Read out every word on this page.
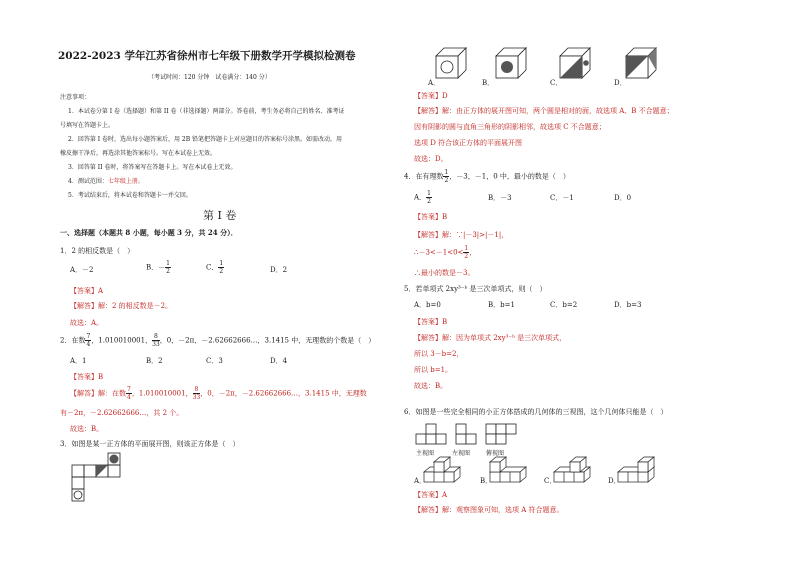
2022-2023 学年江苏省徐州市七年级下册数学开学模拟检测卷
（考试时间：120 分钟　试卷满分：140 分）
注意事项：
1．本试卷分第 I 卷（选择题）和第 II 卷（非选择题）两部分。答卷前，考生务必将自己的姓名、准考证
号填写在答题卡上。
2．回答第 I 卷时，选出每小题答案后，用 2B 铅笔把答题卡上对应题目的答案标号涂黑。如需改动，用
橡皮擦干净后，再选涂其他答案标号。写在本试卷上无效。
3．回答第 II 卷时，将答案写在答题卡上。写在本试卷上无效。
4．测试范围：七年级上册。
5．考试结束后，将本试卷和答题卡一并交回。
第 I 卷
一、选择题（本题共 8 小题，每小题 3 分，共 24 分）．
1．2 的相反数是（　）
A．－2	B．－ $\frac{1}{2}$	C． $\frac{1}{2}$	D．2
【答案】A
【解答】解：2 的相反数是－2。
故选：A。
2．在数 $\frac{7}{4}$ ，1.010010001， $\frac{8}{33}$ ，0，－2π，－2.62662666…，3.1415 中，无理数的个数是（　）
A．1	B．2	C．3	D．4
【答案】B
【解答】解：在数 $\frac{7}{4}$ ，1.010010001， $\frac{8}{33}$ ，0，－2π，－2.62662666…，3.1415 中，无理数
有－2π，－2.62662666…，共 2 个。
故选：B。
3．如图是某一正方体的平面展开图，则该正方体是（　）
A．	B．	C．	D．
【答案】D
【解答】解：由正方体的展开图可知，两个圆是相对的面，故选项 A、B 不合题意；
因有阴影的圆与直角三角形的阴影相邻，故选项 C 不合题意；
选项 D 符合该正方体的平面展开图
故选：D。
4．在有理数 $\frac{1}{2}$ ，－3，－1，0 中，最小的数是（　）
A． $\frac{1}{2}$	B．－3	C．－1	D．0
【答案】B
【解答】解：∵|－3|>|－1|，
∴－3<－1<0< $\frac{1}{2}$ ，
∴最小的数是－3。
5．若单项式 2xy³⁻ᵇ 是三次单项式，则（　）
A．b=0	B．b=1	C．b=2	D．b=3
【答案】B
【解答】解：因为单项式 2xy³⁻ᵇ 是三次单项式，
所以 3－b=2，
所以 b=1。
故选：B。
6．如图是一些完全相同的小正方体搭成的几何体的三视图，这个几何体只能是（　）
主视图	左视图	俯视图
A．	B．	C．	D．
【答案】A
【解答】解：观察图象可知，选项 A 符合题意。
